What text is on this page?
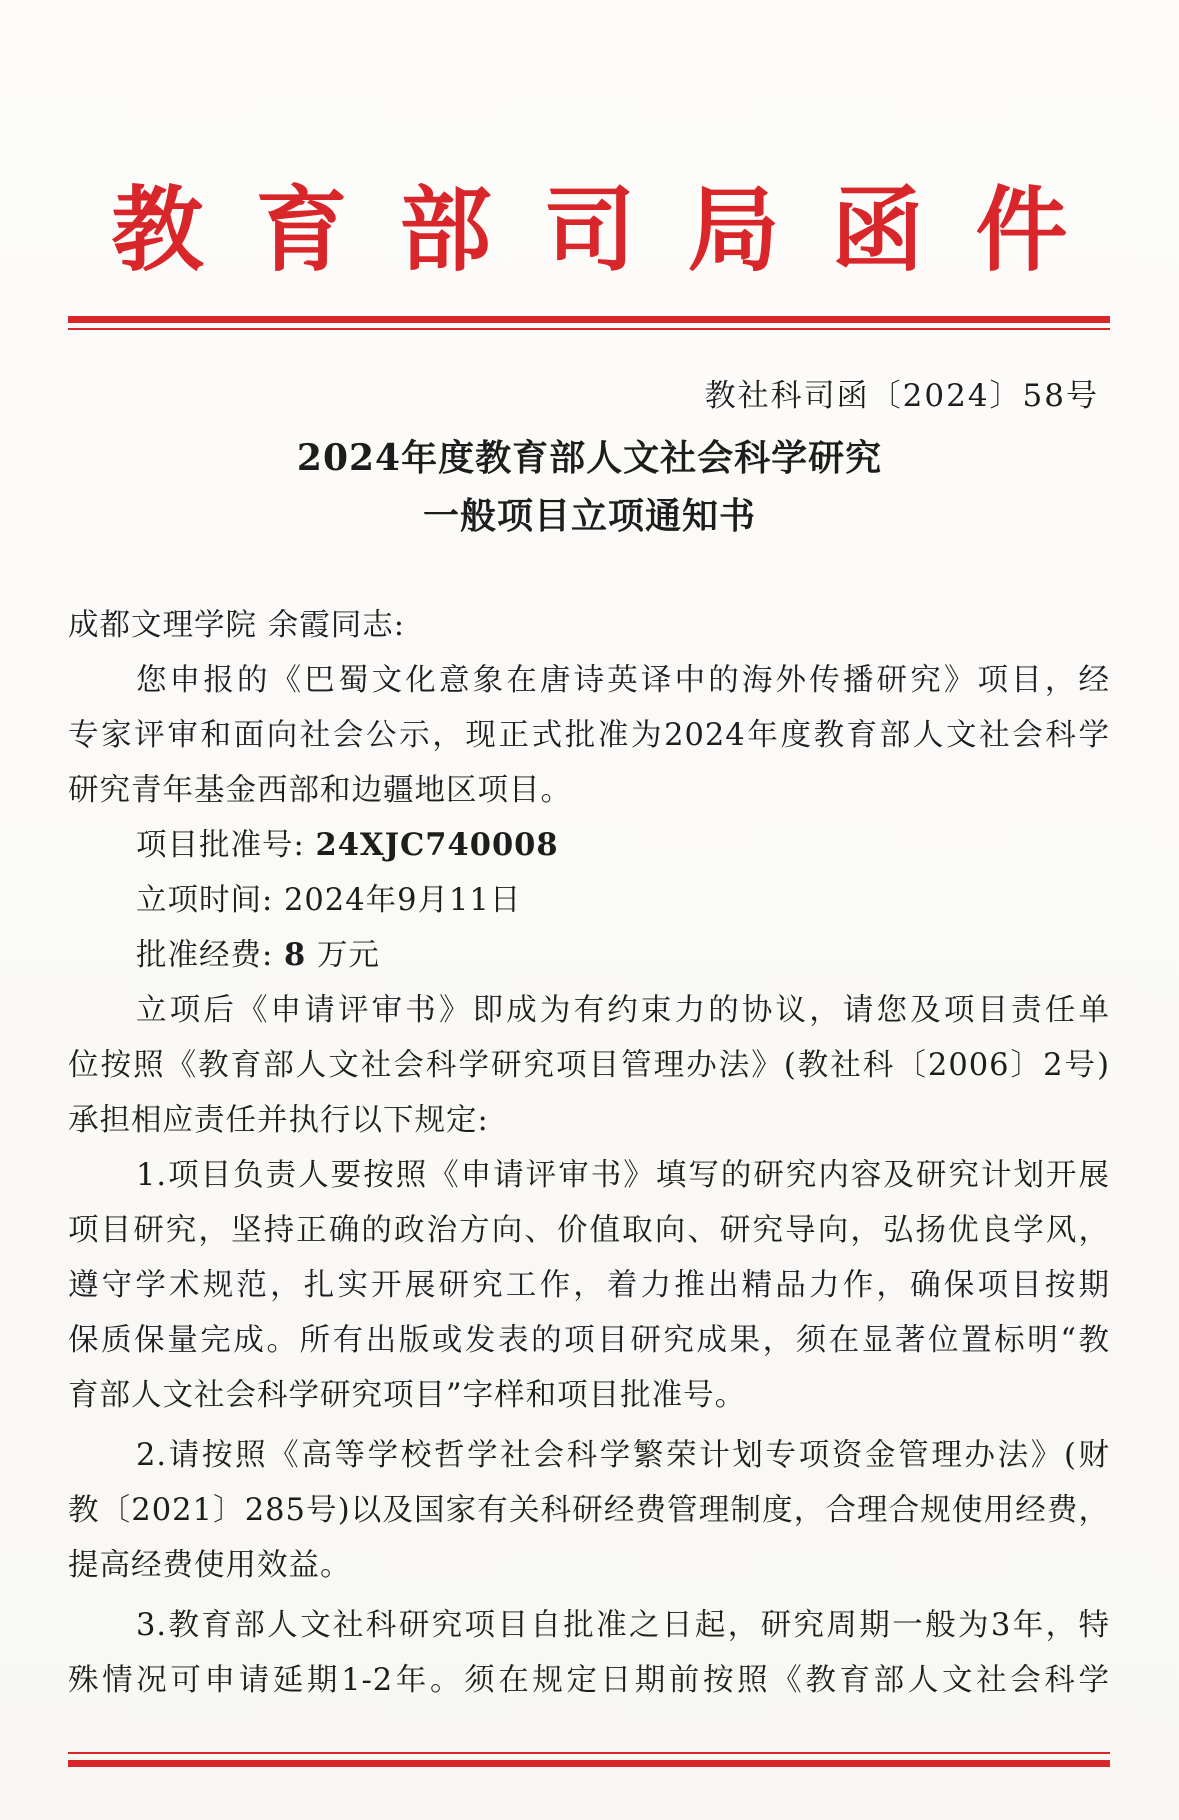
教育部司局函件
教社科司函〔2024〕58号
2024年度教育部人文社会科学研究
一般项目立项通知书
成都文理学院 余霞同志:
您申报的《巴蜀文化意象在唐诗英译中的海外传播研究》项目，经
专家评审和面向社会公示，现正式批准为2024年度教育部人文社会科学
研究青年基金西部和边疆地区项目。
项目批准号: 24XJC740008
立项时间: 2024年9月11日
批准经费: 8 万元
立项后《申请评审书》即成为有约束力的协议，请您及项目责任单
位按照《教育部人文社会科学研究项目管理办法》(教社科〔2006〕2号)
承担相应责任并执行以下规定:
1.项目负责人要按照《申请评审书》填写的研究内容及研究计划开展
项目研究，坚持正确的政治方向、价值取向、研究导向，弘扬优良学风，
遵守学术规范，扎实开展研究工作，着力推出精品力作，确保项目按期
保质保量完成。所有出版或发表的项目研究成果，须在显著位置标明“教
育部人文社会科学研究项目”字样和项目批准号。
2.请按照《高等学校哲学社会科学繁荣计划专项资金管理办法》(财
教〔2021〕285号)以及国家有关科研经费管理制度，合理合规使用经费，
提高经费使用效益。
3.教育部人文社科研究项目自批准之日起，研究周期一般为3年，特
殊情况可申请延期1-2年。须在规定日期前按照《教育部人文社会科学
